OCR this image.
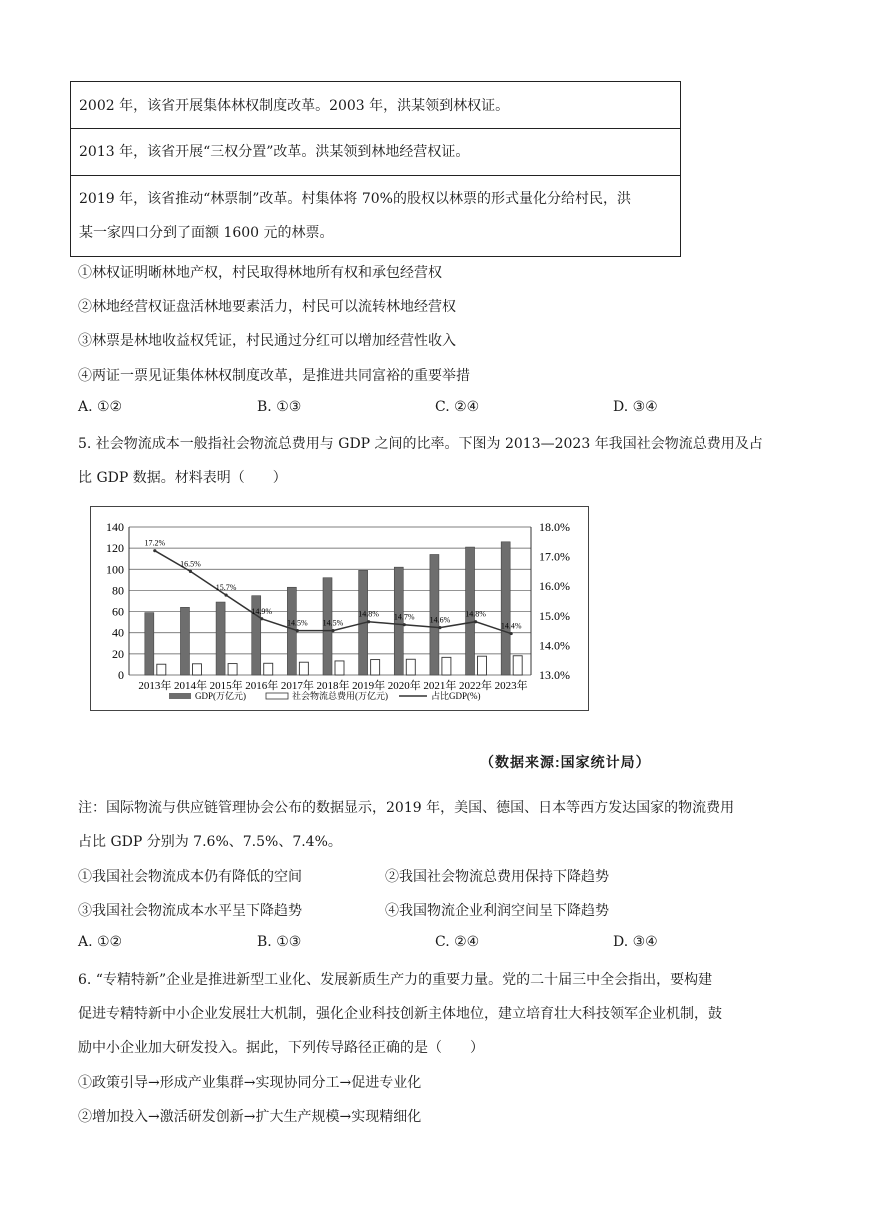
2002 年，该省开展集体林权制度改革。2003 年，洪某领到林权证。
2013 年，该省开展“三权分置”改革。洪某领到林地经营权证。
2019 年，该省推动“林票制”改革。村集体将 70%的股权以林票的形式量化分给村民，洪
某一家四口分到了面额 1600 元的林票。
①林权证明晰林地产权，村民取得林地所有权和承包经营权
②林地经营权证盘活林地要素活力，村民可以流转林地经营权
③林票是林地收益权凭证，村民通过分红可以增加经营性收入
④两证一票见证集体林权制度改革，是推进共同富裕的重要举措
A. ①②	B. ①③	C. ②④	D. ③④
5. 社会物流成本一般指社会物流总费用与 GDP 之间的比率。下图为 2013—2023 年我国社会物流总费用及占
比 GDP 数据。材料表明（　　）
140
120
100
80
60
40
20
0
18.0%
17.0%
16.0%
15.0%
14.0%
13.0%
2013年 2014年 2015年 2016年 2017年 2018年 2019年 2020年 2021年 2022年 2023年
17.2%
16.5%
15.7%
14.9%
14.5% 14.5%
14.8% 14.7% 14.6%
14.8%
14.4%
GDP(万亿元)	社会物流总费用(万亿元)	占比GDP(%)
（数据来源:国家统计局）
注：国际物流与供应链管理协会公布的数据显示，2019 年，美国、德国、日本等西方发达国家的物流费用
占比 GDP 分别为 7.6%、7.5%、7.4%。
①我国社会物流成本仍有降低的空间	②我国社会物流总费用保持下降趋势
③我国社会物流成本水平呈下降趋势	④我国物流企业利润空间呈下降趋势
A. ①②	B. ①③	C. ②④	D. ③④
6. “专精特新”企业是推进新型工业化、发展新质生产力的重要力量。党的二十届三中全会指出，要构建
促进专精特新中小企业发展壮大机制，强化企业科技创新主体地位，建立培育壮大科技领军企业机制，鼓
励中小企业加大研发投入。据此，下列传导路径正确的是（　　）
①政策引导→形成产业集群→实现协同分工→促进专业化
②增加投入→激活研发创新→扩大生产规模→实现精细化
